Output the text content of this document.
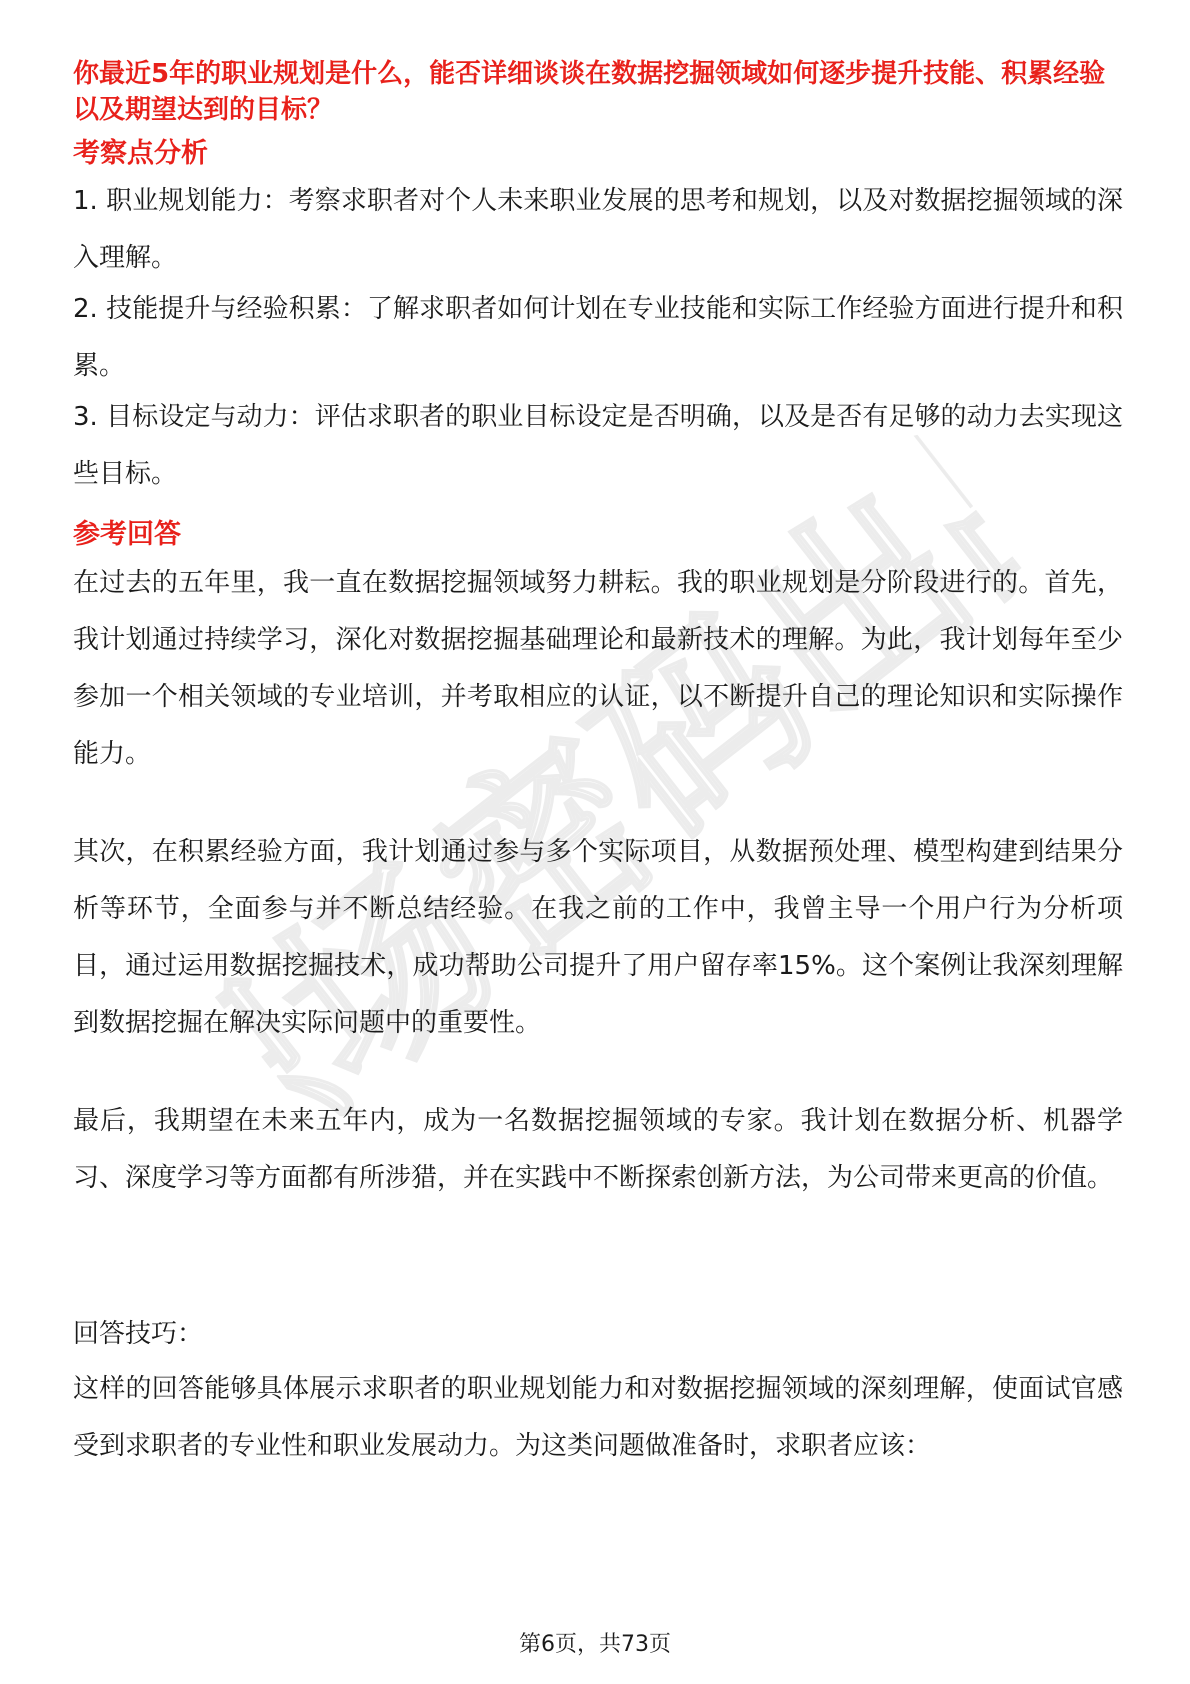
职场密码出品

你最近5年的职业规划是什么，能否详细谈谈在数据挖掘领域如何逐步提升技能、积累经验以及期望达到的目标？

考察点分析

1. 职业规划能力：考察求职者对个人未来职业发展的思考和规划，以及对数据挖掘领域的深入理解。

2. 技能提升与经验积累：了解求职者如何计划在专业技能和实际工作经验方面进行提升和积累。

3. 目标设定与动力：评估求职者的职业目标设定是否明确，以及是否有足够的动力去实现这些目标。

参考回答

在过去的五年里，我一直在数据挖掘领域努力耕耘。我的职业规划是分阶段进行的。首先，我计划通过持续学习，深化对数据挖掘基础理论和最新技术的理解。为此，我计划每年至少参加一个相关领域的专业培训，并考取相应的认证，以不断提升自己的理论知识和实际操作能力。

其次，在积累经验方面，我计划通过参与多个实际项目，从数据预处理、模型构建到结果分析等环节，全面参与并不断总结经验。在我之前的工作中，我曾主导一个用户行为分析项目，通过运用数据挖掘技术，成功帮助公司提升了用户留存率15%。这个案例让我深刻理解到数据挖掘在解决实际问题中的重要性。

最后，我期望在未来五年内，成为一名数据挖掘领域的专家。我计划在数据分析、机器学习、深度学习等方面都有所涉猎，并在实践中不断探索创新方法，为公司带来更高的价值。

回答技巧：

这样的回答能够具体展示求职者的职业规划能力和对数据挖掘领域的深刻理解，使面试官感受到求职者的专业性和职业发展动力。为这类问题做准备时，求职者应该：

第6页，共73页
